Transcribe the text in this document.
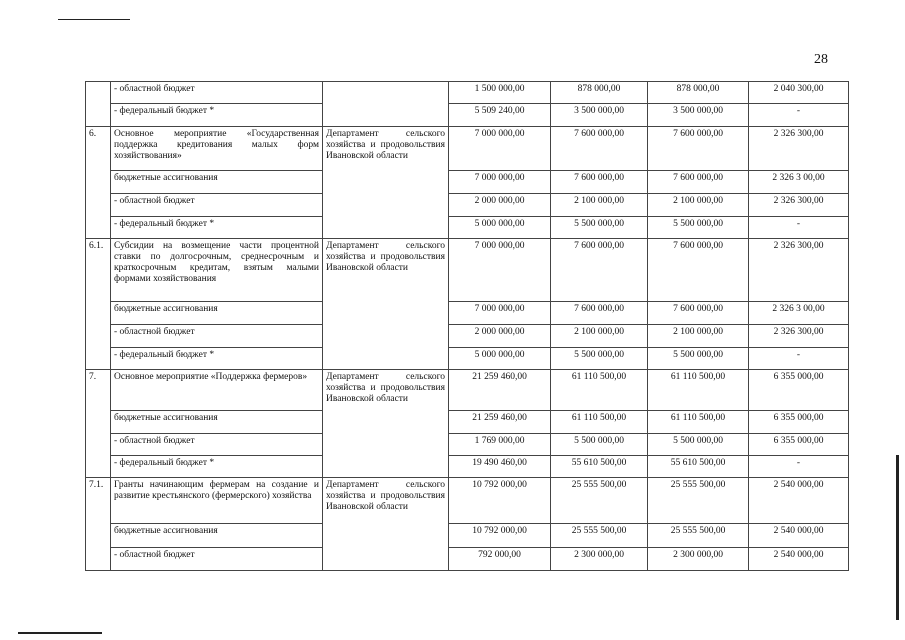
28
	- областной бюджет		1 500 000,00	878 000,00	878 000,00	2 040 300,00
	- федеральный бюджет *		5 509 240,00	3 500 000,00	3 500 000,00	-
6.	Основное мероприятие «Государственная поддержка кредитования малых форм хозяйствования»	Департамент сельского хозяйства и продовольствия Ивановской области	7 000 000,00	7 600 000,00	7 600 000,00	2 326 300,00
	бюджетные ассигнования		7 000 000,00	7 600 000,00	7 600 000,00	2 326 3 00,00
	- областной бюджет		2 000 000,00	2 100 000,00	2 100 000,00	2 326 300,00
	- федеральный бюджет *		5 000 000,00	5 500 000,00	5 500 000,00	-
6.1.	Субсидии на возмещение части процентной ставки по долгосрочным, среднесрочным и краткосрочным кредитам, взятым малыми формами хозяйствования	Департамент сельского хозяйства и продовольствия Ивановской области	7 000 000,00	7 600 000,00	7 600 000,00	2 326 300,00
	бюджетные ассигнования		7 000 000,00	7 600 000,00	7 600 000,00	2 326 3 00,00
	- областной бюджет		2 000 000,00	2 100 000,00	2 100 000,00	2 326 300,00
	- федеральный бюджет *		5 000 000,00	5 500 000,00	5 500 000,00	-
7.	Основное мероприятие «Поддержка фермеров»	Департамент сельского хозяйства и продовольствия Ивановской области	21 259 460,00	61 110 500,00	61 110 500,00	6 355 000,00
	бюджетные ассигнования		21 259 460,00	61 110 500,00	61 110 500,00	6 355 000,00
	- областной бюджет		1 769 000,00	5 500 000,00	5 500 000,00	6 355 000,00
	- федеральный бюджет *		19 490 460,00	55 610 500,00	55 610 500,00	-
7.1.	Гранты начинающим фермерам на создание и развитие крестьянского (фермерского) хозяйства	Департамент сельского хозяйства и продовольствия Ивановской области	10 792 000,00	25 555 500,00	25 555 500,00	2 540 000,00
	бюджетные ассигнования		10 792 000,00	25 555 500,00	25 555 500,00	2 540 000,00
	- областной бюджет		792 000,00	2 300 000,00	2 300 000,00	2 540 000,00
